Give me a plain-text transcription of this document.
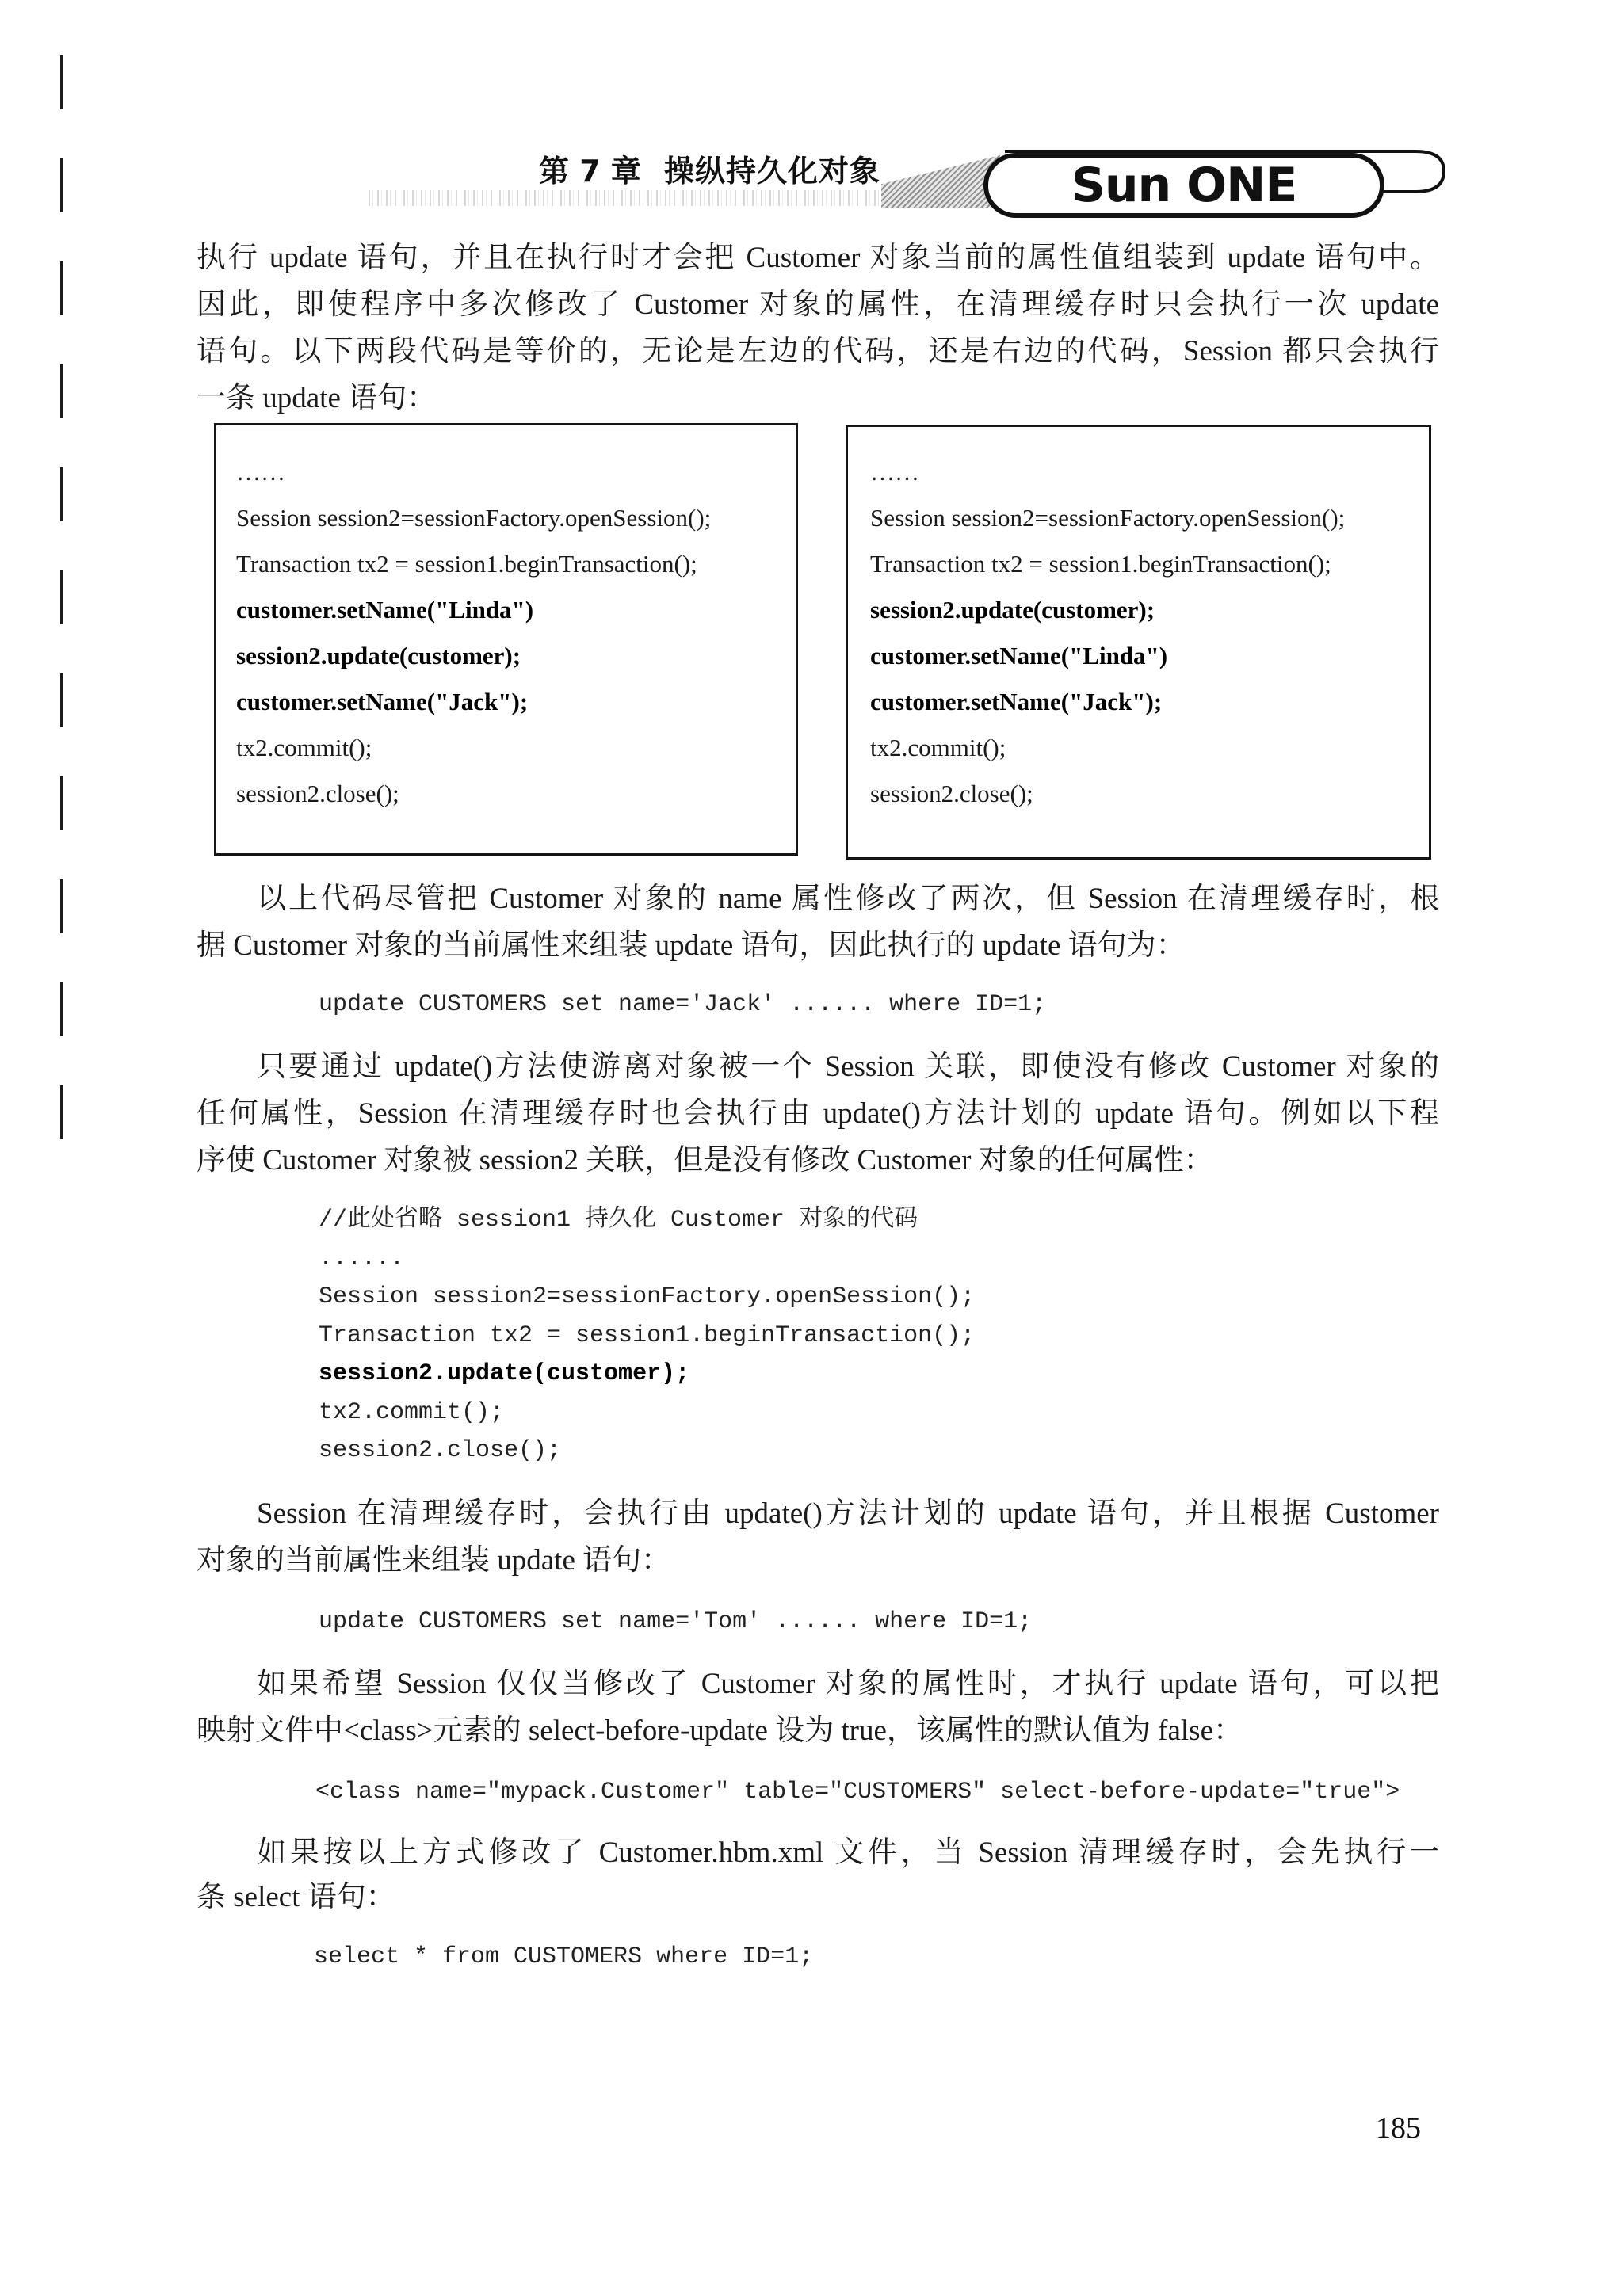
第 7 章 操纵持久化对象	Sun ONE
执行 update 语句，并且在执行时才会把 Customer 对象当前的属性值组装到 update 语句中。
因此，即使程序中多次修改了 Customer 对象的属性，在清理缓存时只会执行一次 update
语句。以下两段代码是等价的，无论是左边的代码，还是右边的代码，Session 都只会执行
一条 update 语句：
……
Session session2=sessionFactory.openSession();
Transaction tx2 = session1.beginTransaction();
customer.setName("Linda")
session2.update(customer);
customer.setName("Jack");
tx2.commit();
session2.close();
……
Session session2=sessionFactory.openSession();
Transaction tx2 = session1.beginTransaction();
session2.update(customer);
customer.setName("Linda")
customer.setName("Jack");
tx2.commit();
session2.close();
以上代码尽管把 Customer 对象的 name 属性修改了两次，但 Session 在清理缓存时，根
据 Customer 对象的当前属性来组装 update 语句，因此执行的 update 语句为：
update CUSTOMERS set name='Jack' ...... where ID=1;
只要通过 update()方法使游离对象被一个 Session 关联，即使没有修改 Customer 对象的
任何属性，Session 在清理缓存时也会执行由 update()方法计划的 update 语句。例如以下程
序使 Customer 对象被 session2 关联，但是没有修改 Customer 对象的任何属性：
//此处省略 session1 持久化 Customer 对象的代码
......
Session session2=sessionFactory.openSession();
Transaction tx2 = session1.beginTransaction();
session2.update(customer);
tx2.commit();
session2.close();
Session 在清理缓存时，会执行由 update()方法计划的 update 语句，并且根据 Customer
对象的当前属性来组装 update 语句：
update CUSTOMERS set name='Tom' ...... where ID=1;
如果希望 Session 仅仅当修改了 Customer 对象的属性时，才执行 update 语句，可以把
映射文件中<class>元素的 select-before-update 设为 true，该属性的默认值为 false：
<class name="mypack.Customer" table="CUSTOMERS" select-before-update="true">
如果按以上方式修改了 Customer.hbm.xml 文件，当 Session 清理缓存时，会先执行一
条 select 语句：
select * from CUSTOMERS where ID=1;
185
